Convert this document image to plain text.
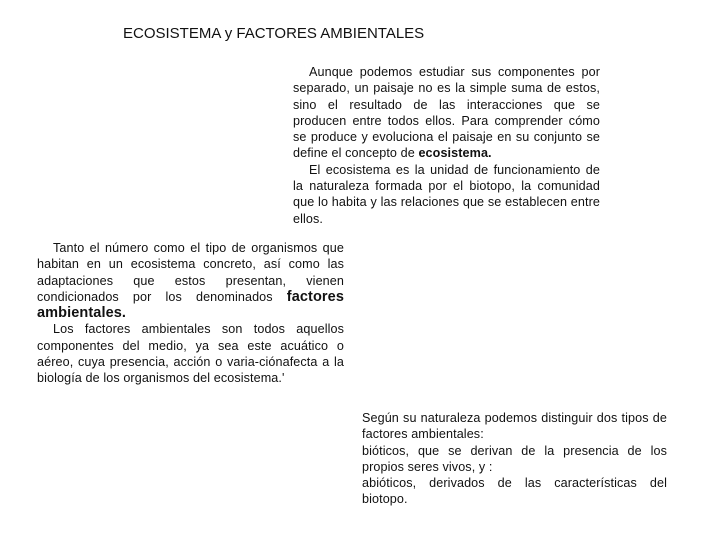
ECOSISTEMA y FACTORES AMBIENTALES

Aunque podemos estudiar sus componentes por separado, un paisaje no es la simple suma de estos, sino el resultado de las interacciones que se producen entre todos ellos. Para comprender cómo se produce y evoluciona el paisaje en su conjunto se define el concepto de ecosistema.

El ecosistema es la unidad de funcionamiento de la naturaleza formada por el biotopo, la comunidad que lo habita y las relaciones que se establecen entre ellos.

Tanto el número como el tipo de organismos que habitan en un ecosistema concreto, así como las adaptaciones que estos presentan, vienen condicionados por los denominados factores ambientales.

Los factores ambientales son todos aquellos componentes del medio, ya sea este acuático o aéreo, cuya presencia, acción o varia-ciónafecta a la biología de los organismos del ecosistema.'

Según su naturaleza podemos distinguir dos tipos de factores ambientales:

bióticos, que se derivan de la presencia de los propios seres vivos, y :

abióticos, derivados de las características del biotopo.
